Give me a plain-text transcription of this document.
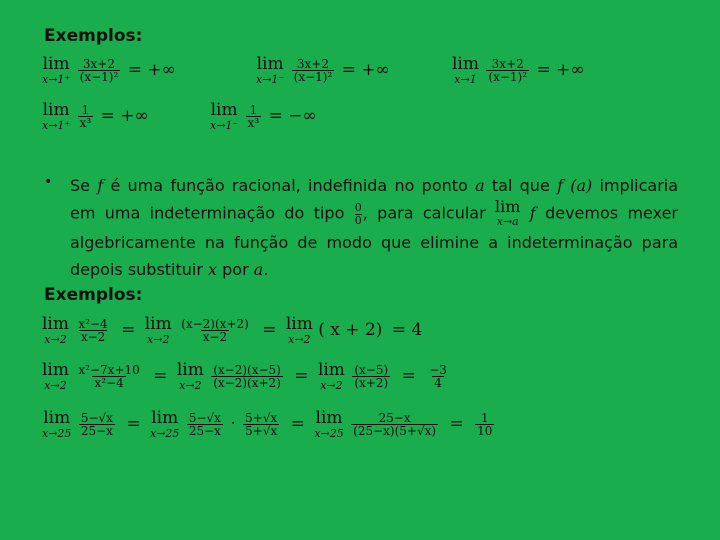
Exemplos:
lim
x→1⁺
$\frac{3x+2}{\text{(x−1)²}}$ = +∞	lim
x→1⁻
$\frac{3x+2}{\text{(x−1)²}}$ = +∞	lim
x→1
$\frac{3x+2}{\text{(x−1)²}}$ = +∞
lim
x→1⁺
$\frac{1}{\text{x³}}$ = +∞	lim
x→1⁻
$\frac{1}{\text{x³}}$ = −∞
• Se f é uma função racional, indefinida no ponto a tal que f (a) implicaria em uma indeterminação do tipo $\frac{0}{0}$ , para calcular lim
x→a f devemos mexer algebricamente na função de modo que elimine a indeterminação para depois substituir x por a.
Exemplos:
lim
x→2
$\frac{\text{x²−4}}{x-2} = \lim$
x→2
$\frac{(x-2)(x+2)}{x-2} = \lim$
x→2 ( x + 2) = 4
lim
x→2
$\frac{\text{x²−7x+10}}{\text{x²−4}} = \lim$
x→2
$\frac{(x-2)(x-5)}{(x-2)(x+2)} = \lim$
x→2
$\frac{(x-5)}{(x+2)} = \frac{-3}{4}$
lim
x→25
$\frac{5-√x}{25-x} = \lim$
x→25
$\frac{5-√x}{25-x} \cdot \frac{5+√x}{5+√x} = \lim$
x→25
$\frac{25-x}{(25-x)(5+√x)} = \frac{1}{10}$
